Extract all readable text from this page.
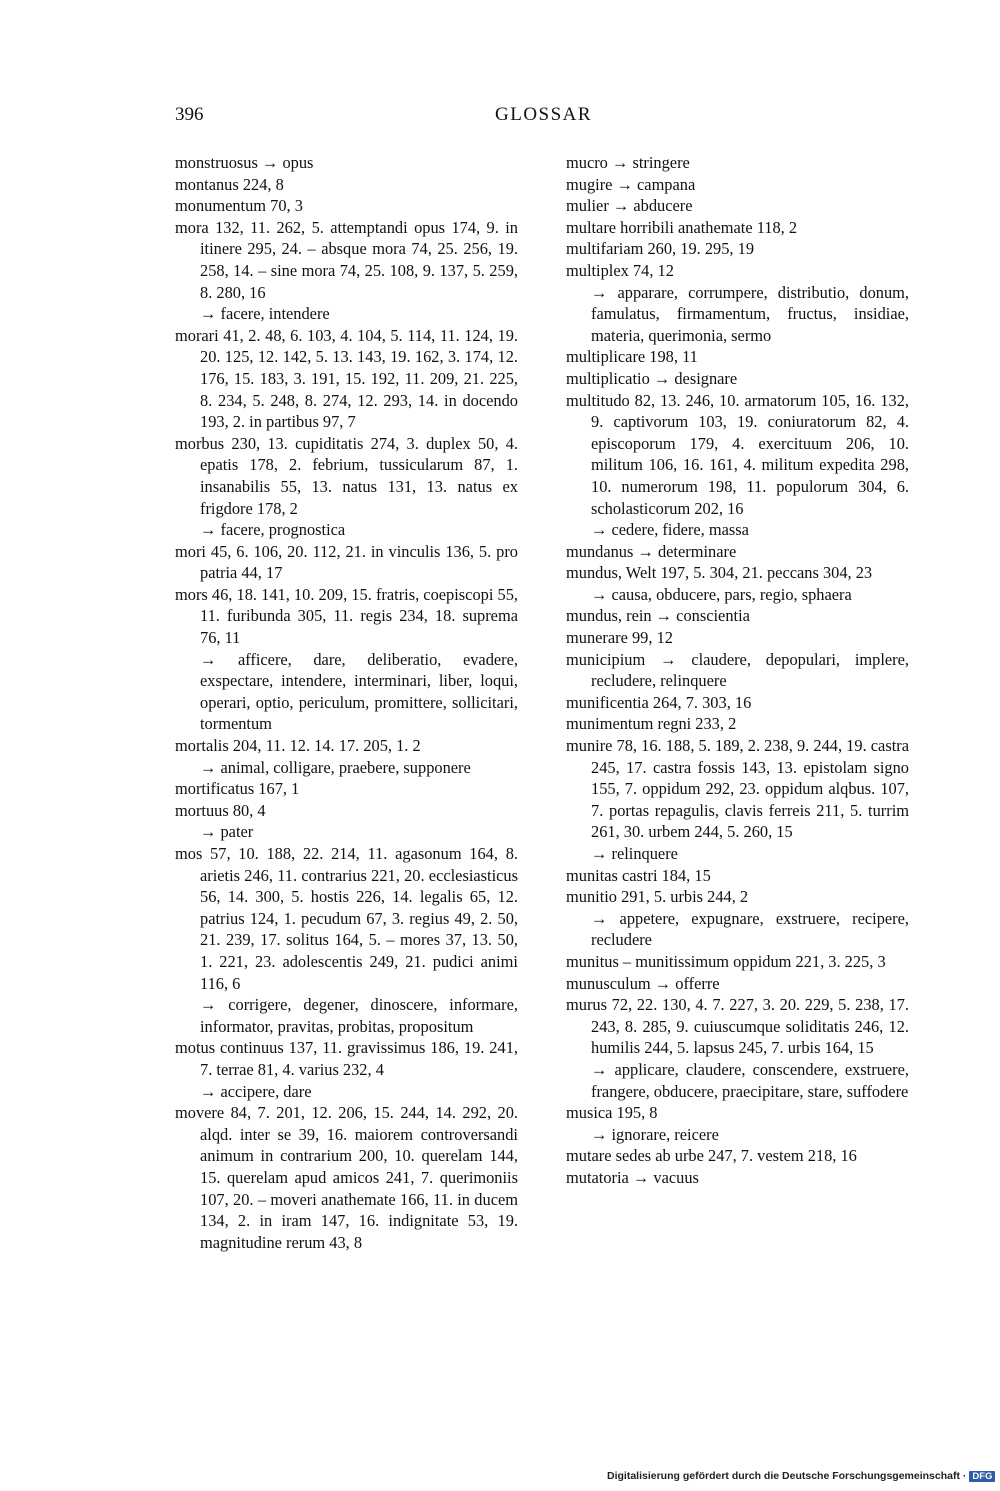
396	GLOSSAR
monstruosus → opus
montanus 224, 8
monumentum 70, 3
mora 132, 11. 262, 5. attemptandi opus 174, 9. in itinere 295, 24. – absque mora 74, 25. 256, 19. 258, 14. – sine mora 74, 25. 108, 9. 137, 5. 259, 8. 280, 16
→ facere, intendere
morari 41, 2. 48, 6. 103, 4. 104, 5. 114, 11. 124, 19. 20. 125, 12. 142, 5. 13. 143, 19. 162, 3. 174, 12. 176, 15. 183, 3. 191, 15. 192, 11. 209, 21. 225, 8. 234, 5. 248, 8. 274, 12. 293, 14. in docendo 193, 2. in partibus 97, 7
morbus 230, 13. cupiditatis 274, 3. duplex 50, 4. epatis 178, 2. febrium, tussicularum 87, 1. insanabilis 55, 13. natus 131, 13. natus ex frigdore 178, 2
→ facere, prognostica
mori 45, 6. 106, 20. 112, 21. in vinculis 136, 5. pro patria 44, 17
mors 46, 18. 141, 10. 209, 15. fratris, coepiscopi 55, 11. furibunda 305, 11. regis 234, 18. suprema 76, 11
→ afficere, dare, deliberatio, evadere, exspectare, intendere, interminari, liber, loqui, operari, optio, periculum, promittere, sollicitari, tormentum
mortalis 204, 11. 12. 14. 17. 205, 1. 2
→ animal, colligare, praebere, supponere
mortificatus 167, 1
mortuus 80, 4
→ pater
mos 57, 10. 188, 22. 214, 11. agasonum 164, 8. arietis 246, 11. contrarius 221, 20. ecclesiasticus 56, 14. 300, 5. hostis 226, 14. legalis 65, 12. patrius 124, 1. pecudum 67, 3. regius 49, 2. 50, 21. 239, 17. solitus 164, 5. – mores 37, 13. 50, 1. 221, 23. adolescentis 249, 21. pudici animi 116, 6
→ corrigere, degener, dinoscere, informare, informator, pravitas, probitas, propositum
motus continuus 137, 11. gravissimus 186, 19. 241, 7. terrae 81, 4. varius 232, 4
→ accipere, dare
movere 84, 7. 201, 12. 206, 15. 244, 14. 292, 20. alqd. inter se 39, 16. maiorem controversandi animum in contrarium 200, 10. querelam 144, 15. querelam apud amicos 241, 7. querimoniis 107, 20. – moveri anathemate 166, 11. in ducem 134, 2. in iram 147, 16. indignitate 53, 19. magnitudine rerum 43, 8
mucro → stringere
mugire → campana
mulier → abducere
multare horribili anathemate 118, 2
multifariam 260, 19. 295, 19
multiplex 74, 12
→ apparare, corrumpere, distributio, donum, famulatus, firmamentum, fructus, insidiae, materia, querimonia, sermo
multiplicare 198, 11
multiplicatio → designare
multitudo 82, 13. 246, 10. armatorum 105, 16. 132, 9. captivorum 103, 19. coniuratorum 82, 4. episcoporum 179, 4. exercituum 206, 10. militum 106, 16. 161, 4. militum expedita 298, 10. numerorum 198, 11. populorum 304, 6. scholasticorum 202, 16
→ cedere, fidere, massa
mundanus → determinare
mundus, Welt 197, 5. 304, 21. peccans 304, 23
→ causa, obducere, pars, regio, sphaera
mundus, rein → conscientia
munerare 99, 12
municipium → claudere, depopulari, implere, recludere, relinquere
munificentia 264, 7. 303, 16
munimentum regni 233, 2
munire 78, 16. 188, 5. 189, 2. 238, 9. 244, 19. castra 245, 17. castra fossis 143, 13. epistolam signo 155, 7. oppidum 292, 23. oppidum alqbus. 107, 7. portas repagulis, clavis ferreis 211, 5. turrim 261, 30. urbem 244, 5. 260, 15
→ relinquere
munitas castri 184, 15
munitio 291, 5. urbis 244, 2
→ appetere, expugnare, exstruere, recipere, recludere
munitus – munitissimum oppidum 221, 3. 225, 3
munusculum → offerre
murus 72, 22. 130, 4. 7. 227, 3. 20. 229, 5. 238, 17. 243, 8. 285, 9. cuiuscumque soliditatis 246, 12. humilis 244, 5. lapsus 245, 7. urbis 164, 15
→ applicare, claudere, conscendere, exstruere, frangere, obducere, praecipitare, stare, suffodere
musica 195, 8
→ ignorare, reicere
mutare sedes ab urbe 247, 7. vestem 218, 16
mutatoria → vacuus
Digitalisierung gefördert durch die Deutsche Forschungsgemeinschaft · DFG
